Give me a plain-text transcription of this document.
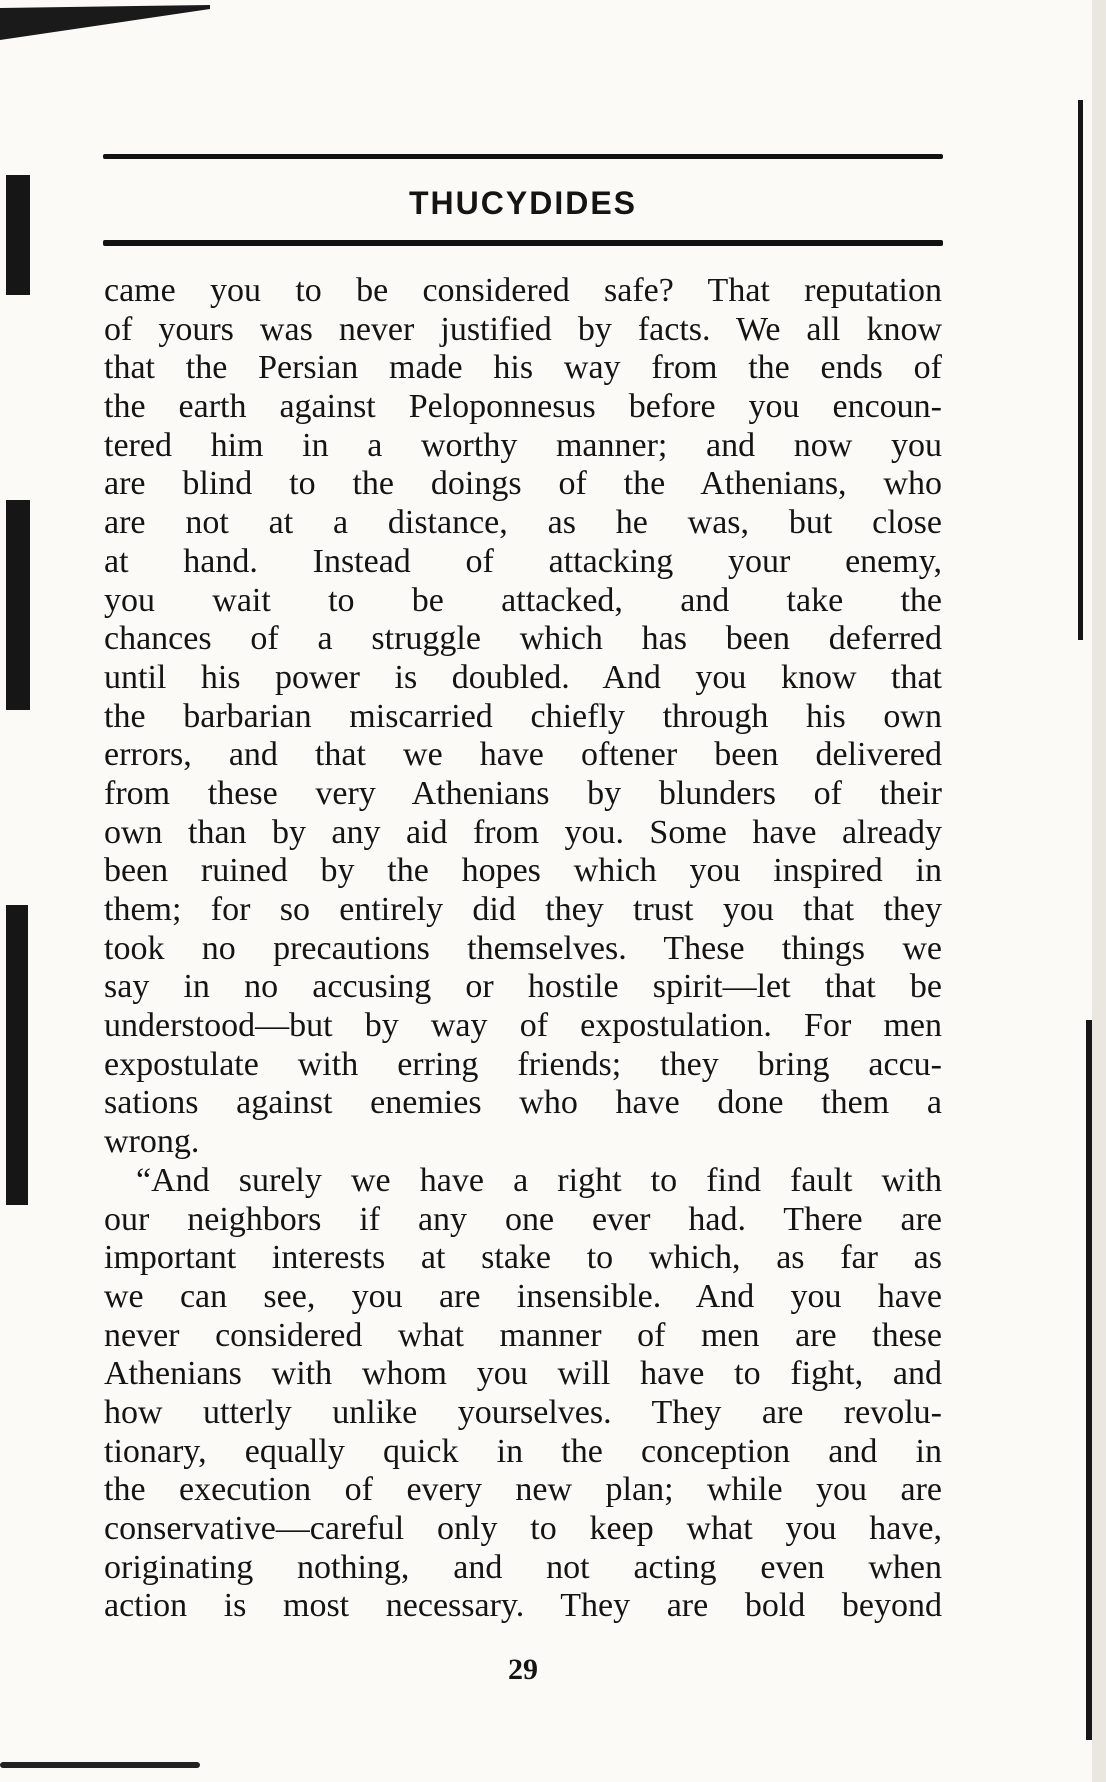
THUCYDIDES
came you to be considered safe? That reputation
of yours was never justified by facts. We all know
that the Persian made his way from the ends of
the earth against Peloponnesus before you encoun-
tered him in a worthy manner; and now you
are blind to the doings of the Athenians, who
are not at a distance, as he was, but close
at hand. Instead of attacking your enemy,
you wait to be attacked, and take the
chances of a struggle which has been deferred
until his power is doubled. And you know that
the barbarian miscarried chiefly through his own
errors, and that we have oftener been delivered
from these very Athenians by blunders of their
own than by any aid from you. Some have already
been ruined by the hopes which you inspired in
them; for so entirely did they trust you that they
took no precautions themselves. These things we
say in no accusing or hostile spirit—let that be
understood—but by way of expostulation. For men
expostulate with erring friends; they bring accu-
sations against enemies who have done them a
wrong.
“And surely we have a right to find fault with
our neighbors if any one ever had. There are
important interests at stake to which, as far as
we can see, you are insensible. And you have
never considered what manner of men are these
Athenians with whom you will have to fight, and
how utterly unlike yourselves. They are revolu-
tionary, equally quick in the conception and in
the execution of every new plan; while you are
conservative—careful only to keep what you have,
originating nothing, and not acting even when
action is most necessary. They are bold beyond
29
